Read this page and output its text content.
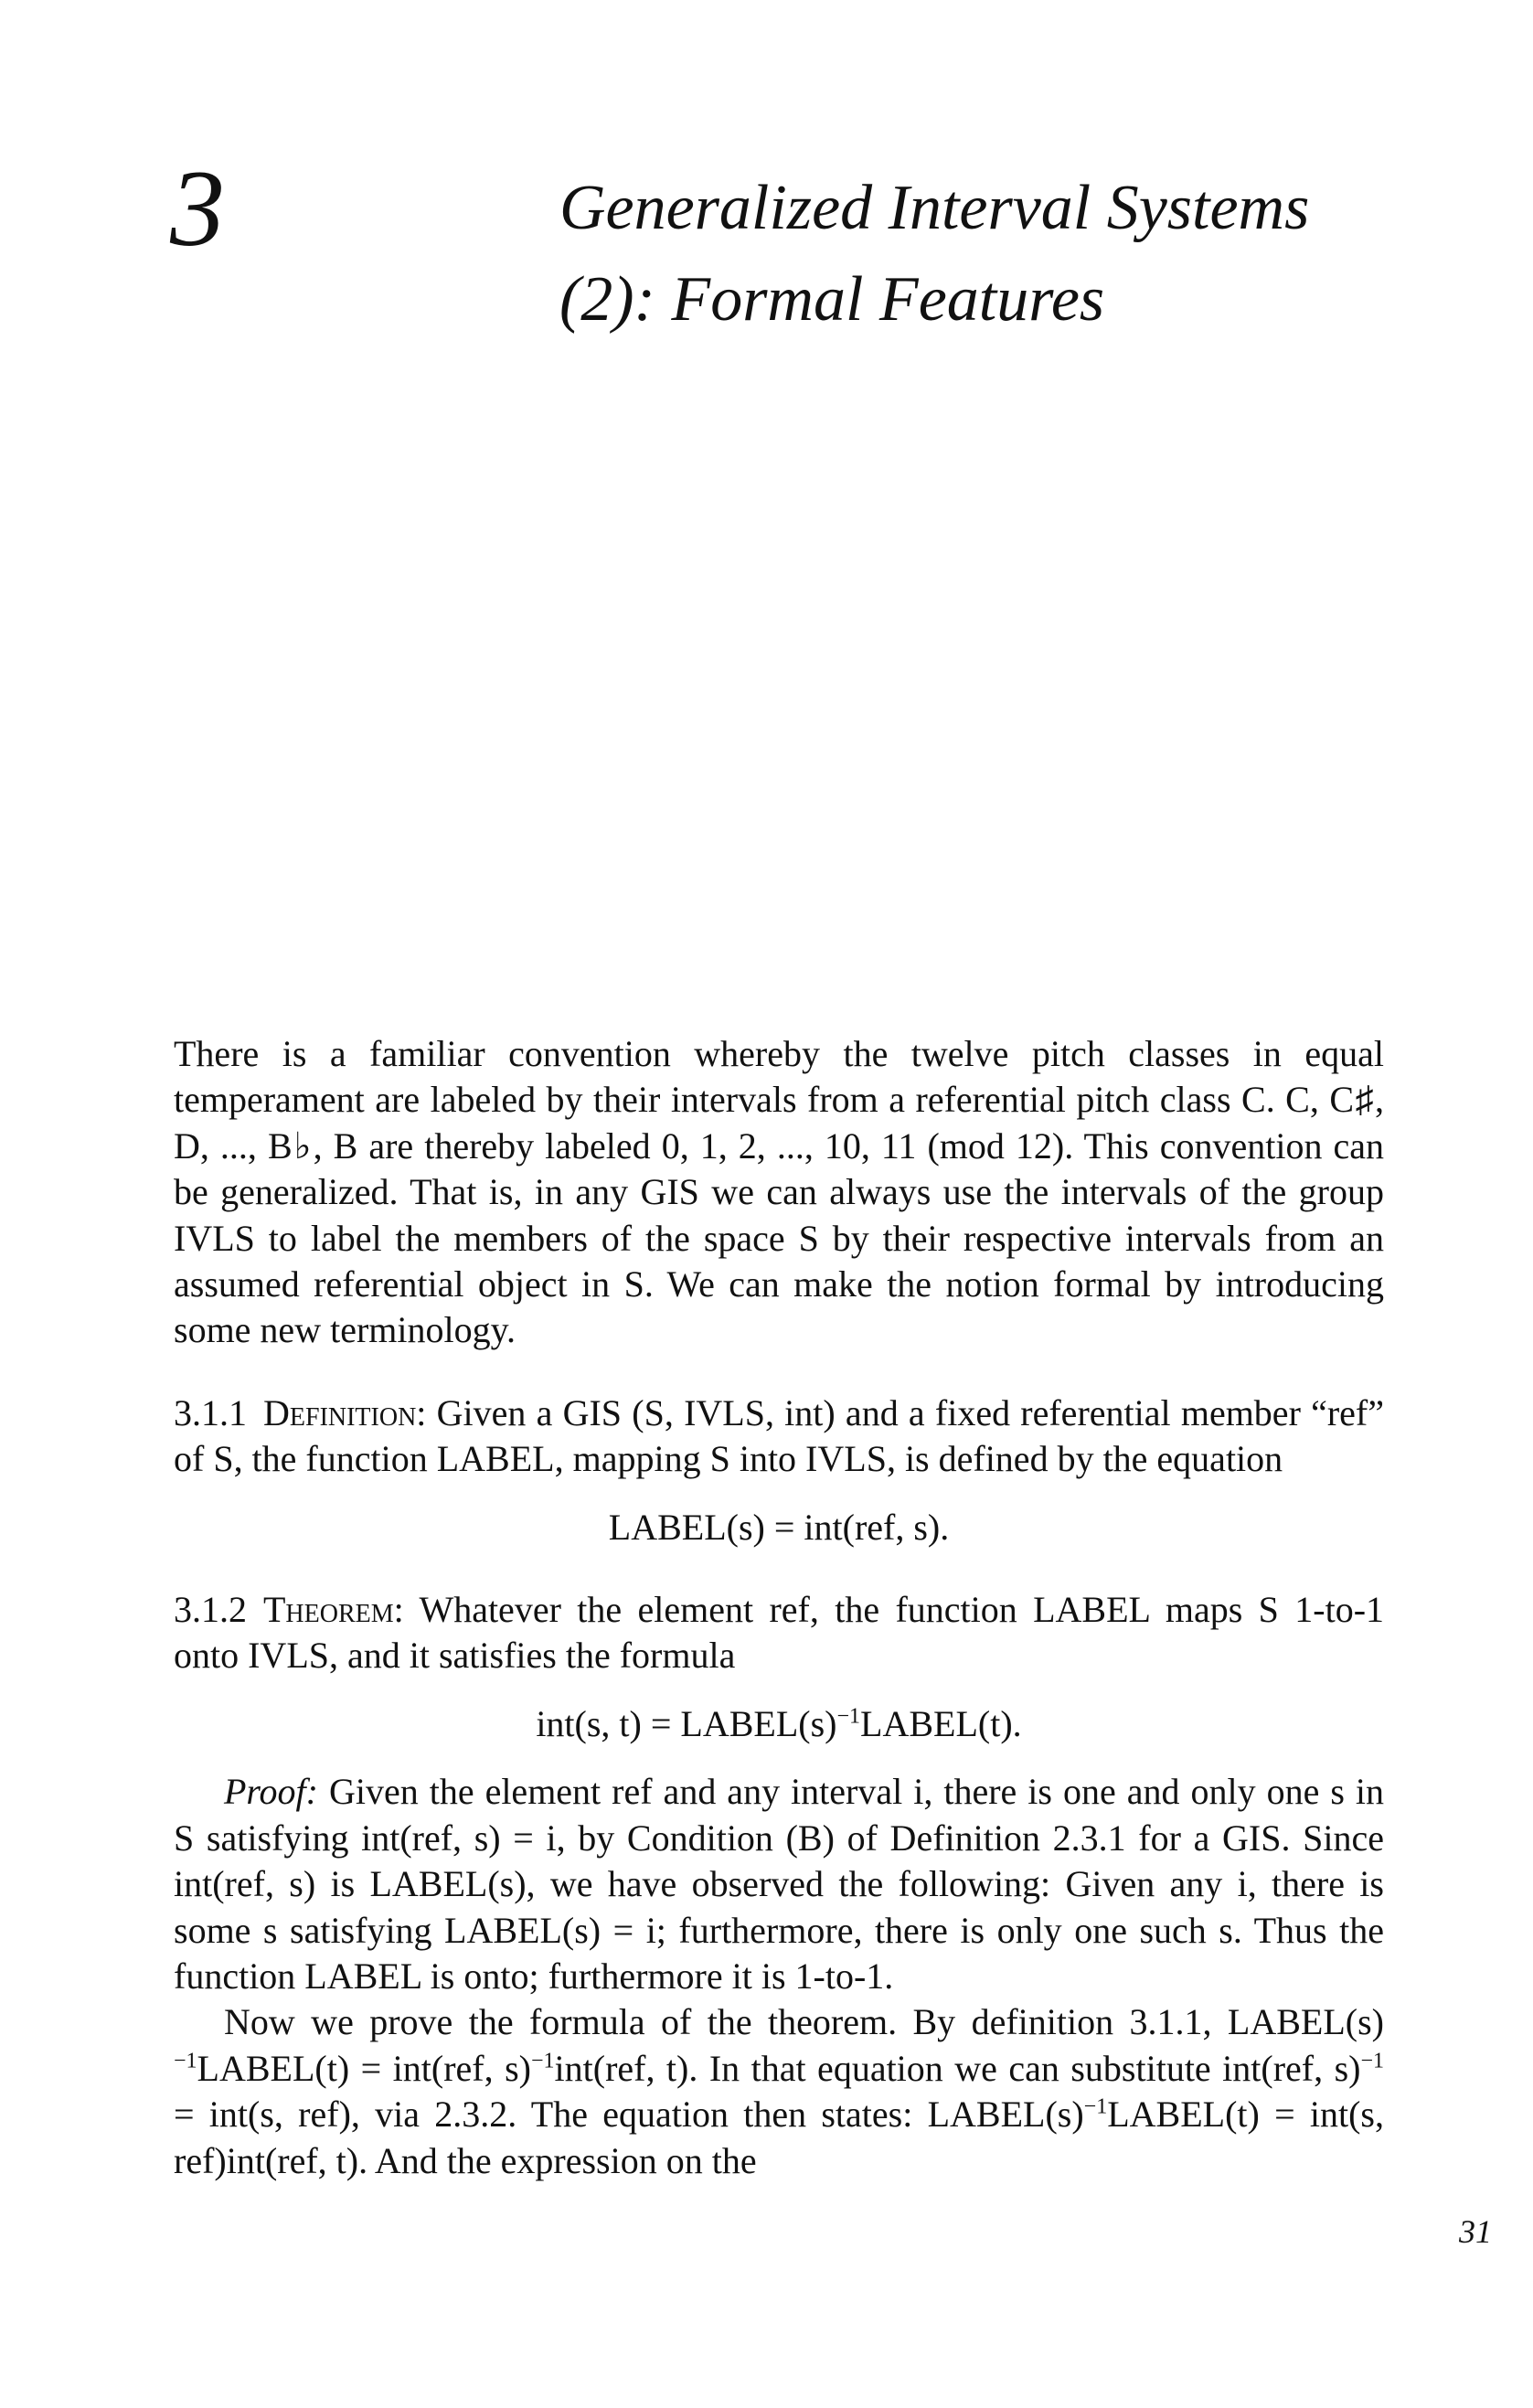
3	Generalized Interval Systems
(2): Formal Features

There is a familiar convention whereby the twelve pitch classes in equal temperament are labeled by their intervals from a referential pitch class C. C, C♯, D, ..., B♭, B are thereby labeled 0, 1, 2, ..., 10, 11 (mod 12). This convention can be generalized. That is, in any GIS we can always use the intervals of the group IVLS to label the members of the space S by their respective intervals from an assumed referential object in S. We can make the notion formal by introducing some new terminology.

3.1.1 Definition: Given a GIS (S, IVLS, int) and a fixed referential member “ref” of S, the function LABEL, mapping S into IVLS, is defined by the equation

LABEL(s) = int(ref, s).

3.1.2 Theorem: Whatever the element ref, the function LABEL maps S 1-to-1 onto IVLS, and it satisfies the formula

int(s, $t) = LABEL(s)^{-1}LABEL(t)$.

Proof: Given the element ref and any interval i, there is one and only one s in S satisfying int(ref, s) = i, by Condition (B) of Definition 2.3.1 for a GIS. Since int(ref, s) is LABEL(s), we have observed the following: Given any i, there is some s satisfying LABEL(s) = i; furthermore, there is only one such s. Thus the function LABEL is onto; furthermore it is 1-to-1.

Now we prove the formula of the theorem. By definition 3.1.1, $LABEL(s)^{-1}LABEL(t) = int(ref$, s)$^{-1}$int(ref, t). In that equation we can substitute int(ref, s)$^{-1}$ = int(s, ref), via 2.3.2. The equation then states: $LABEL(s)^{-1}LABEL(t) = int(s$, ref)int(ref, t). And the expression on the

31
